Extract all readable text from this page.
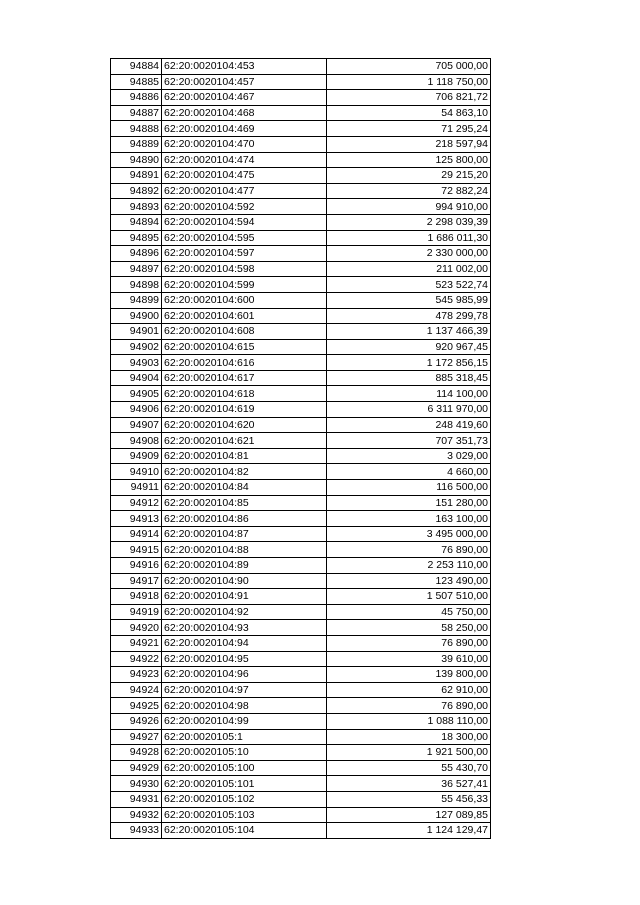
94884	62:20:0020104:453	705 000,00
94885	62:20:0020104:457	1 118 750,00
94886	62:20:0020104:467	706 821,72
94887	62:20:0020104:468	54 863,10
94888	62:20:0020104:469	71 295,24
94889	62:20:0020104:470	218 597,94
94890	62:20:0020104:474	125 800,00
94891	62:20:0020104:475	29 215,20
94892	62:20:0020104:477	72 882,24
94893	62:20:0020104:592	994 910,00
94894	62:20:0020104:594	2 298 039,39
94895	62:20:0020104:595	1 686 011,30
94896	62:20:0020104:597	2 330 000,00
94897	62:20:0020104:598	211 002,00
94898	62:20:0020104:599	523 522,74
94899	62:20:0020104:600	545 985,99
94900	62:20:0020104:601	478 299,78
94901	62:20:0020104:608	1 137 466,39
94902	62:20:0020104:615	920 967,45
94903	62:20:0020104:616	1 172 856,15
94904	62:20:0020104:617	885 318,45
94905	62:20:0020104:618	114 100,00
94906	62:20:0020104:619	6 311 970,00
94907	62:20:0020104:620	248 419,60
94908	62:20:0020104:621	707 351,73
94909	62:20:0020104:81	3 029,00
94910	62:20:0020104:82	4 660,00
94911	62:20:0020104:84	116 500,00
94912	62:20:0020104:85	151 280,00
94913	62:20:0020104:86	163 100,00
94914	62:20:0020104:87	3 495 000,00
94915	62:20:0020104:88	76 890,00
94916	62:20:0020104:89	2 253 110,00
94917	62:20:0020104:90	123 490,00
94918	62:20:0020104:91	1 507 510,00
94919	62:20:0020104:92	45 750,00
94920	62:20:0020104:93	58 250,00
94921	62:20:0020104:94	76 890,00
94922	62:20:0020104:95	39 610,00
94923	62:20:0020104:96	139 800,00
94924	62:20:0020104:97	62 910,00
94925	62:20:0020104:98	76 890,00
94926	62:20:0020104:99	1 088 110,00
94927	62:20:0020105:1	18 300,00
94928	62:20:0020105:10	1 921 500,00
94929	62:20:0020105:100	55 430,70
94930	62:20:0020105:101	36 527,41
94931	62:20:0020105:102	55 456,33
94932	62:20:0020105:103	127 089,85
94933	62:20:0020105:104	1 124 129,47
